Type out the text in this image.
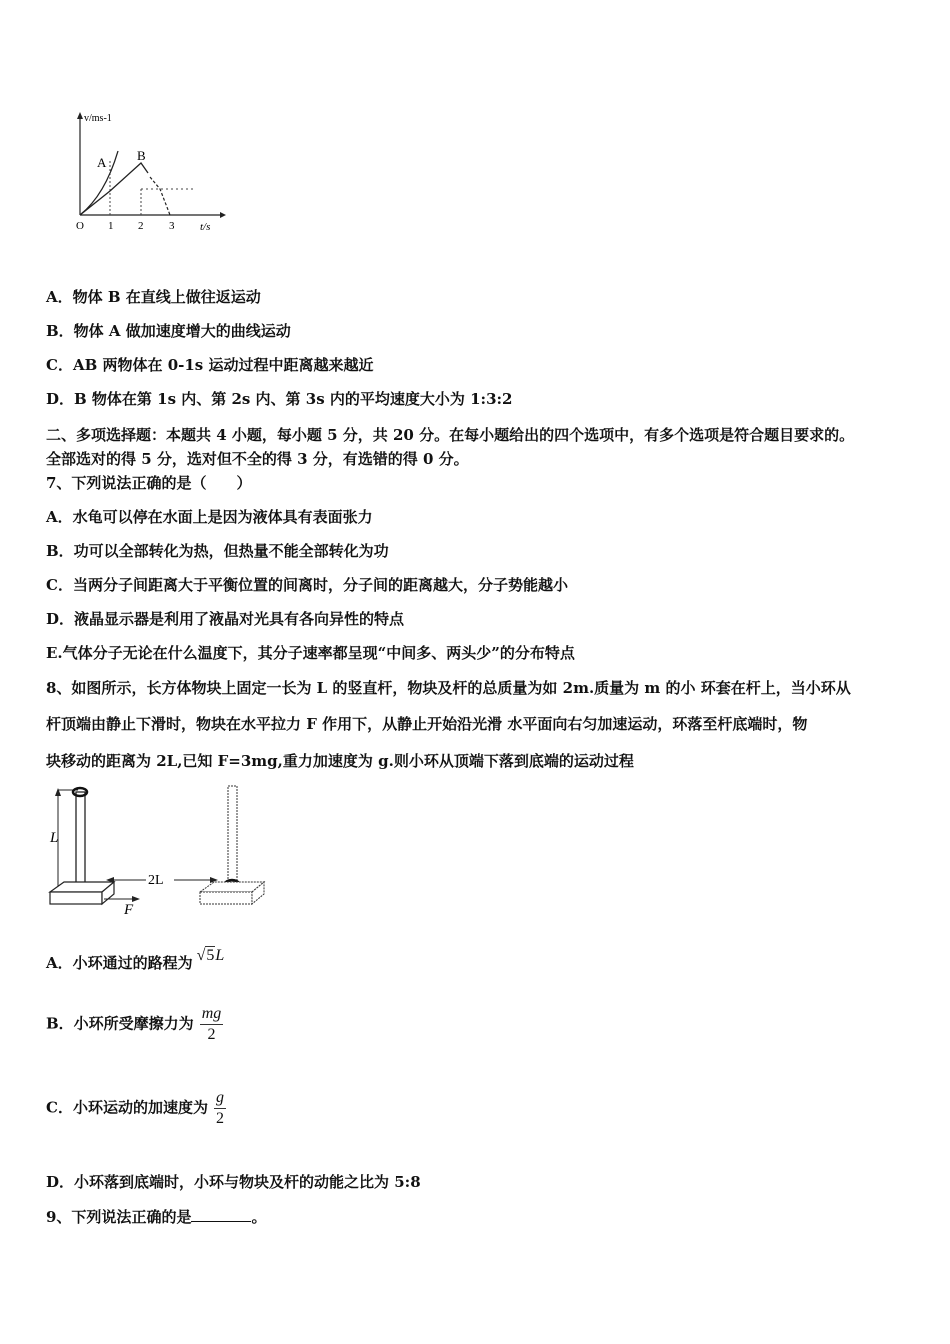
v/ms-1
t/s
O 1 2 3
A B
A．物体 B 在直线上做往返运动
B．物体 A 做加速度增大的曲线运动
C．AB 两物体在 0-1s 运动过程中距离越来越近
D．B 物体在第 1s 内、第 2s 内、第 3s 内的平均速度大小为 1:3:2
二、多项选择题：本题共 4 小题，每小题 5 分，共 20 分。在每小题给出的四个选项中，有多个选项是符合题目要求的。
全部选对的得 5 分，选对但不全的得 3 分，有选错的得 0 分。
7、下列说法正确的是（　　）
A．水龟可以停在水面上是因为液体具有表面张力
B．功可以全部转化为热，但热量不能全部转化为功
C．当两分子间距离大于平衡位置的间离时，分子间的距离越大，分子势能越小
D．液晶显示器是利用了液晶对光具有各向异性的特点
E.气体分子无论在什么温度下，其分子速率都呈现“中间多、两头少”的分布特点
8、如图所示，长方体物块上固定一长为 L 的竖直杆，物块及杆的总质量为如 2m.质量为 m 的小 环套在杆上，当小环从
杆顶端由静止下滑时，物块在水平拉力 F 作用下，从静止开始沿光滑 水平面向右匀加速运动，环落至杆底端时，物
块移动的距离为 2L,已知 F=3mg,重力加速度为 g.则小环从顶端下落到底端的运动过程
L
2L
F
A．小环通过的路程为 √5L
B．小环所受摩擦力为 $\frac{mg}{2}$
C．小环运动的加速度为 $\frac{g}{2}$
D．小环落到底端时，小环与物块及杆的动能之比为 5:8
9、下列说法正确的是	。
